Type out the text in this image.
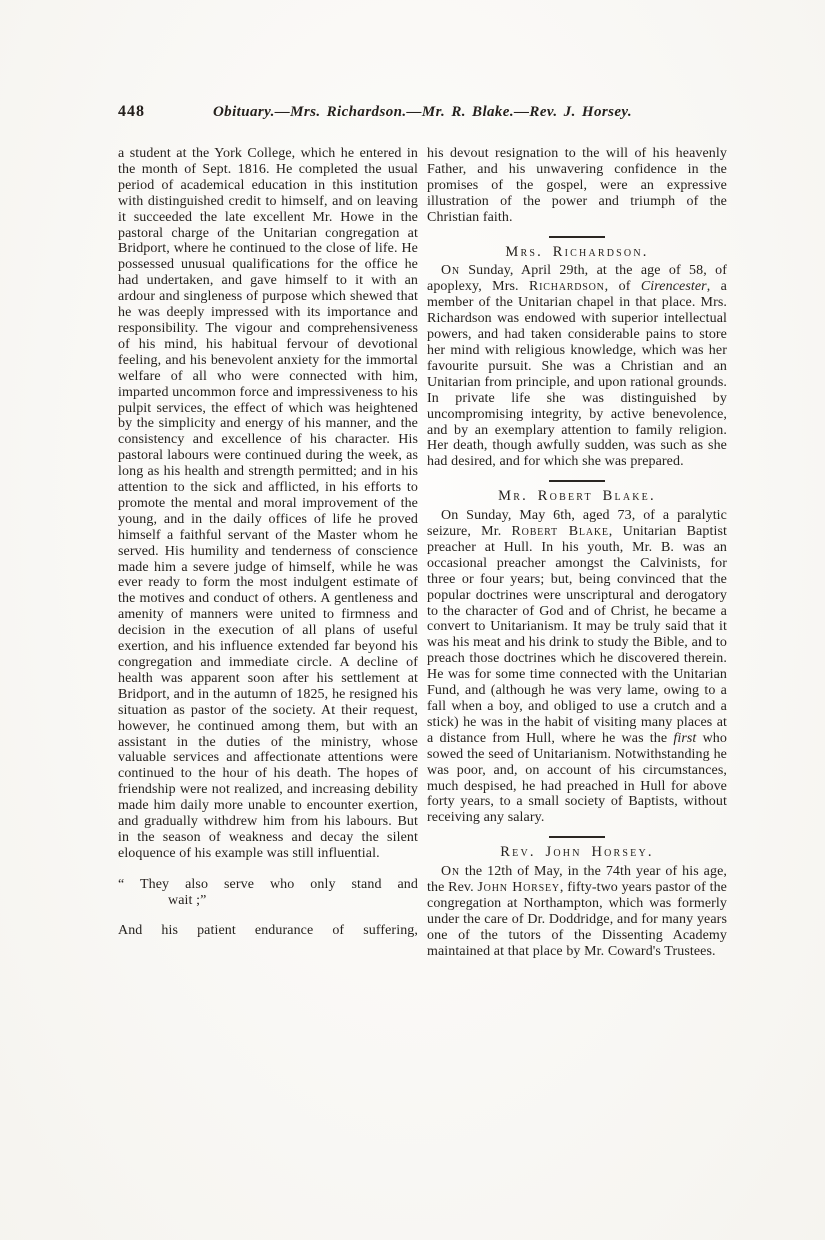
448	Obituary.—Mrs. Richardson.—Mr. R. Blake.—Rev. J. Horsey.

a student at the York College, which he entered in the month of Sept. 1816. He completed the usual period of academical education in this institution with distinguished credit to himself, and on leaving it succeeded the late excellent Mr. Howe in the pastoral charge of the Unitarian congregation at Bridport, where he continued to the close of life. He possessed unusual qualifications for the office he had undertaken, and gave himself to it with an ardour and singleness of purpose which shewed that he was deeply impressed with its importance and responsibility. The vigour and comprehensiveness of his mind, his habitual fervour of devotional feeling, and his benevolent anxiety for the immortal welfare of all who were connected with him, imparted uncommon force and impressiveness to his pulpit services, the effect of which was heightened by the simplicity and energy of his manner, and the consistency and excellence of his character. His pastoral labours were continued during the week, as long as his health and strength permitted; and in his attention to the sick and afflicted, in his efforts to promote the mental and moral improvement of the young, and in the daily offices of life he proved himself a faithful servant of the Master whom he served. His humility and tenderness of conscience made him a severe judge of himself, while he was ever ready to form the most indulgent estimate of the motives and conduct of others. A gentleness and amenity of manners were united to firmness and decision in the execution of all plans of useful exertion, and his influence extended far beyond his congregation and immediate circle. A decline of health was apparent soon after his settlement at Bridport, and in the autumn of 1825, he resigned his situation as pastor of the society. At their request, however, he continued among them, but with an assistant in the duties of the ministry, whose valuable services and affectionate attentions were continued to the hour of his death. The hopes of friendship were not realized, and increasing debility made him daily more unable to encounter exertion, and gradually withdrew him from his labours. But in the season of weakness and decay the silent eloquence of his example was still influential.

“ They also serve who only stand and
wait ;”

And his patient endurance of suffering,

his devout resignation to the will of his heavenly Father, and his unwavering confidence in the promises of the gospel, were an expressive illustration of the power and triumph of the Christian faith.

Mrs. Richardson.

On Sunday, April 29th, at the age of 58, of apoplexy, Mrs. Richardson, of Cirencester, a member of the Unitarian chapel in that place. Mrs. Richardson was endowed with superior intellectual powers, and had taken considerable pains to store her mind with religious knowledge, which was her favourite pursuit. She was a Christian and an Unitarian from principle, and upon rational grounds. In private life she was distinguished by uncompromising integrity, by active benevolence, and by an exemplary attention to family religion. Her death, though awfully sudden, was such as she had desired, and for which she was prepared.

Mr. Robert Blake.

On Sunday, May 6th, aged 73, of a paralytic seizure, Mr. Robert Blake, Unitarian Baptist preacher at Hull. In his youth, Mr. B. was an occasional preacher amongst the Calvinists, for three or four years; but, being convinced that the popular doctrines were unscriptural and derogatory to the character of God and of Christ, he became a convert to Unitarianism. It may be truly said that it was his meat and his drink to study the Bible, and to preach those doctrines which he discovered therein. He was for some time connected with the Unitarian Fund, and (although he was very lame, owing to a fall when a boy, and obliged to use a crutch and a stick) he was in the habit of visiting many places at a distance from Hull, where he was the first who sowed the seed of Unitarianism. Notwithstanding he was poor, and, on account of his circumstances, much despised, he had preached in Hull for above forty years, to a small society of Baptists, without receiving any salary.

Rev. John Horsey.

On the 12th of May, in the 74th year of his age, the Rev. John Horsey, fifty-two years pastor of the congregation at Northampton, which was formerly under the care of Dr. Doddridge, and for many years one of the tutors of the Dissenting Academy maintained at that place by Mr. Coward's Trustees.
